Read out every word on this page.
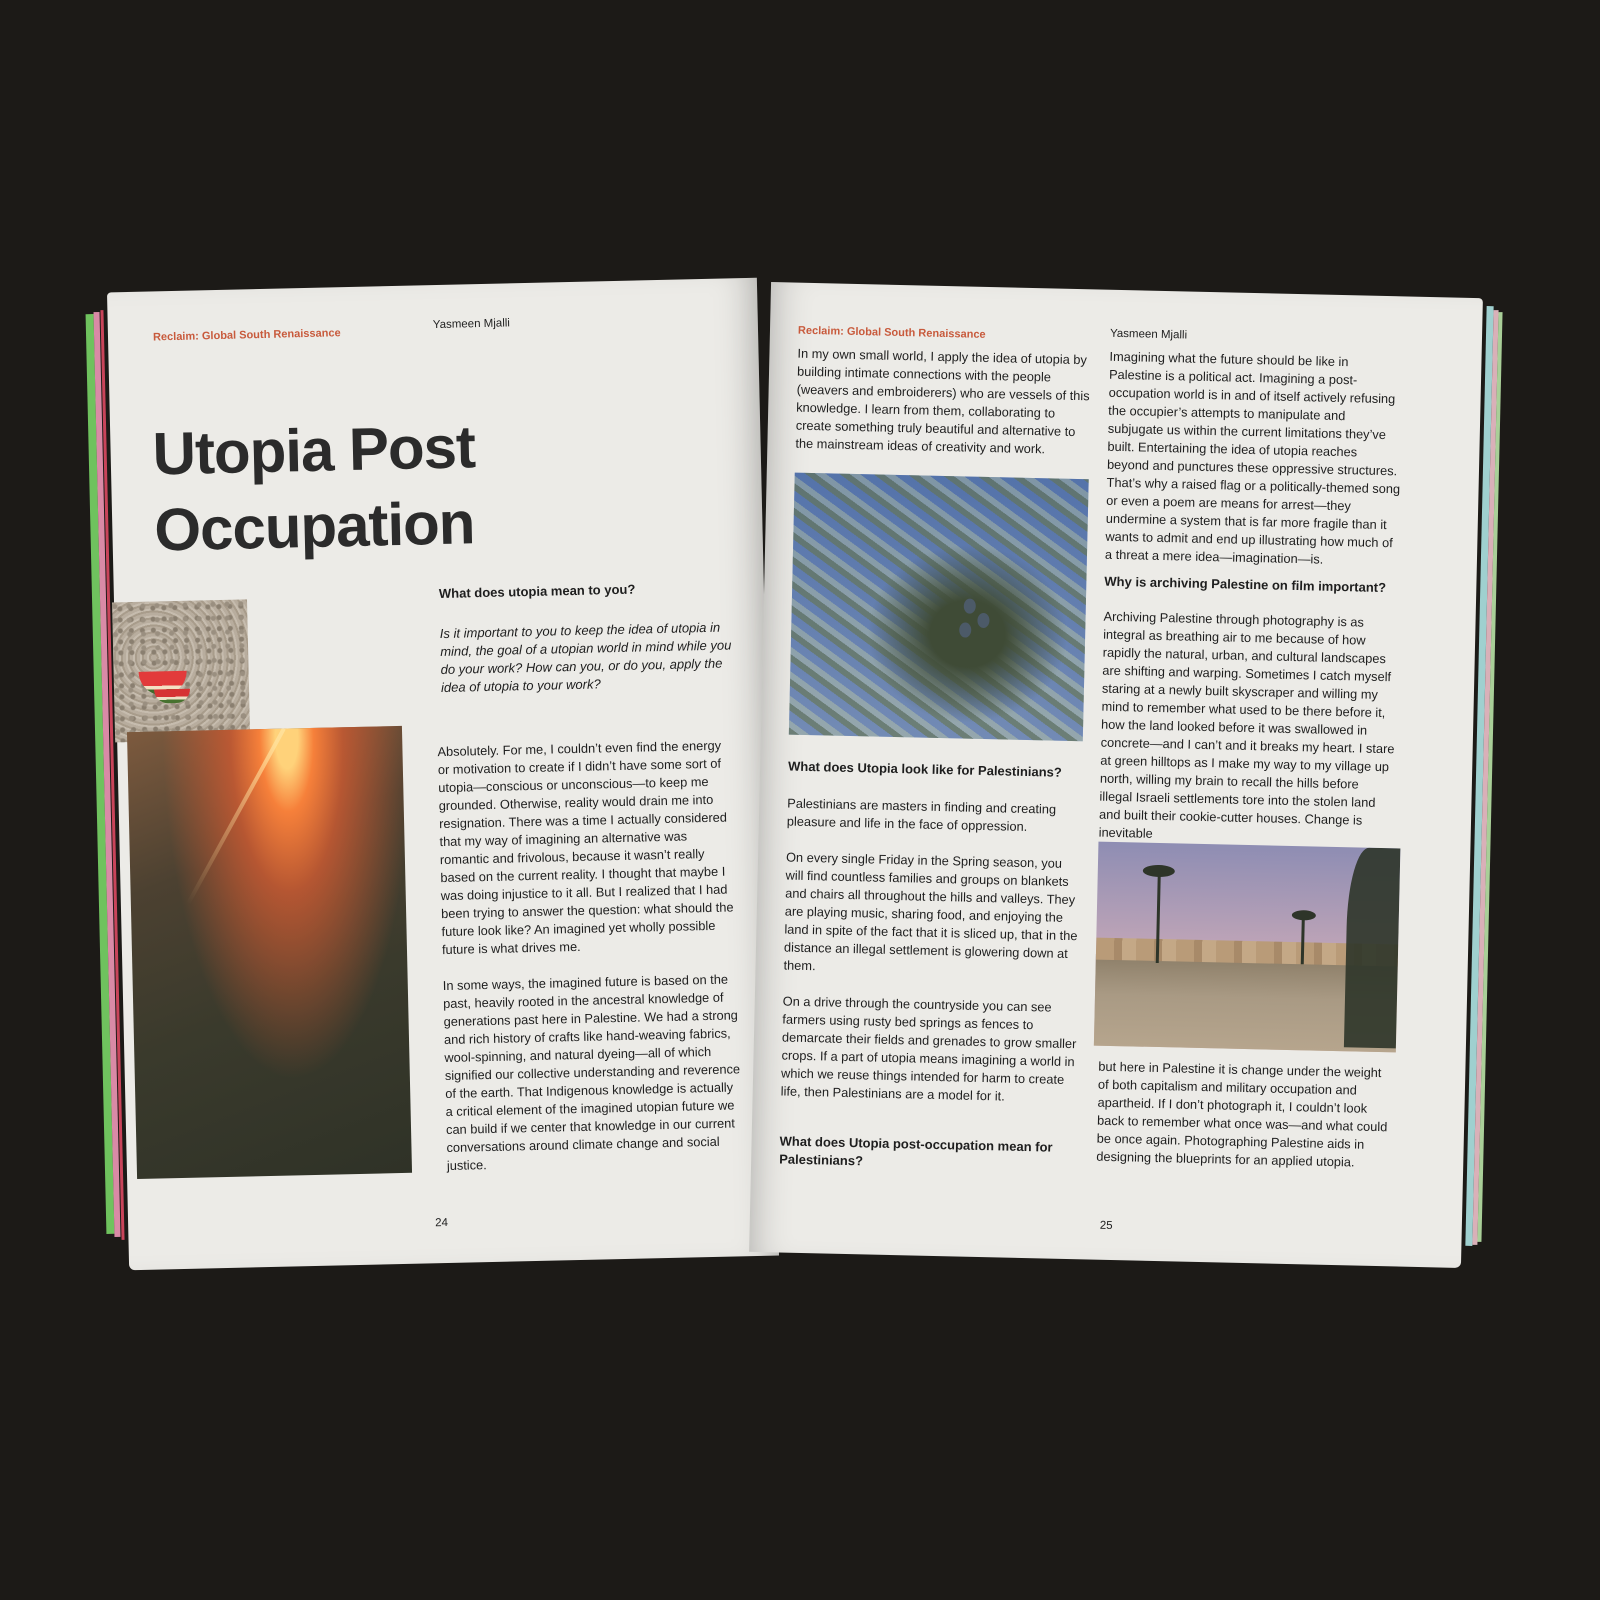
Reclaim: Global South Renaissance
Yasmeen Mjalli
Utopia Post
Occupation
What does utopia mean to you?
Is it important to you to keep the idea of utopia in mind, the goal of a utopian world in mind while you do your work? How can you, or do you, apply the idea of utopia to your work?

Absolutely. For me, I couldn’t even find the energy or motivation to create if I didn’t have some sort of utopia—conscious or unconscious—to keep me grounded. Otherwise, reality would drain me into resignation. There was a time I actually considered that my way of imagining an alternative was romantic and frivolous, because it wasn’t really based on the current reality. I thought that maybe I was doing injustice to it all. But I realized that I had been trying to answer the question: what should the future look like? An imagined yet wholly possible future is what drives me.

In some ways, the imagined future is based on the past, heavily rooted in the ancestral knowledge of generations past here in Palestine. We had a strong and rich history of crafts like hand-weaving fabrics, wool-spinning, and natural dyeing—all of which signified our collective understanding and reverence of the earth. That Indigenous knowledge is actually a critical element of the imagined utopian future we can build if we center that knowledge in our current conversations around climate change and social justice.

24
Reclaim: Global South Renaissance	Yasmeen Mjalli

In my own small world, I apply the idea of utopia by building intimate connections with the people (weavers and embroiderers) who are vessels of this knowledge. I learn from them, collaborating to create something truly beautiful and alternative to the mainstream ideas of creativity and work.

What does Utopia look like for Palestinians?

Palestinians are masters in finding and creating pleasure and life in the face of oppression.

On every single Friday in the Spring season, you will find countless families and groups on blankets and chairs all throughout the hills and valleys. They are playing music, sharing food, and enjoying the land in spite of the fact that it is sliced up, that in the distance an illegal settlement is glowering down at them.

On a drive through the countryside you can see farmers using rusty bed springs as fences to demarcate their fields and grenades to grow smaller crops. If a part of utopia means imagining a world in which we reuse things intended for harm to create life, then Palestinians are a model for it.

What does Utopia post-occupation mean for Palestinians?

Imagining what the future should be like in Palestine is a political act. Imagining a post-occupation world is in and of itself actively refusing the occupier’s attempts to manipulate and subjugate us within the current limitations they’ve built. Entertaining the idea of utopia reaches beyond and punctures these oppressive structures. That’s why a raised flag or a politically-themed song or even a poem are means for arrest—they undermine a system that is far more fragile than it wants to admit and end up illustrating how much of a threat a mere idea—imagination—is.

Why is archiving Palestine on film important?

Archiving Palestine through photography is as integral as breathing air to me because of how rapidly the natural, urban, and cultural landscapes are shifting and warping. Sometimes I catch myself staring at a newly built skyscraper and willing my mind to remember what used to be there before it, how the land looked before it was swallowed in concrete—and I can’t and it breaks my heart. I stare at green hilltops as I make my way to my village up north, willing my brain to recall the hills before illegal Israeli settlements tore into the stolen land and built their cookie-cutter houses. Change is inevitable

but here in Palestine it is change under the weight of both capitalism and military occupation and apartheid. If I don’t photograph it, I couldn’t look back to remember what once was—and what could be once again. Photographing Palestine aids in designing the blueprints for an applied utopia.

25
